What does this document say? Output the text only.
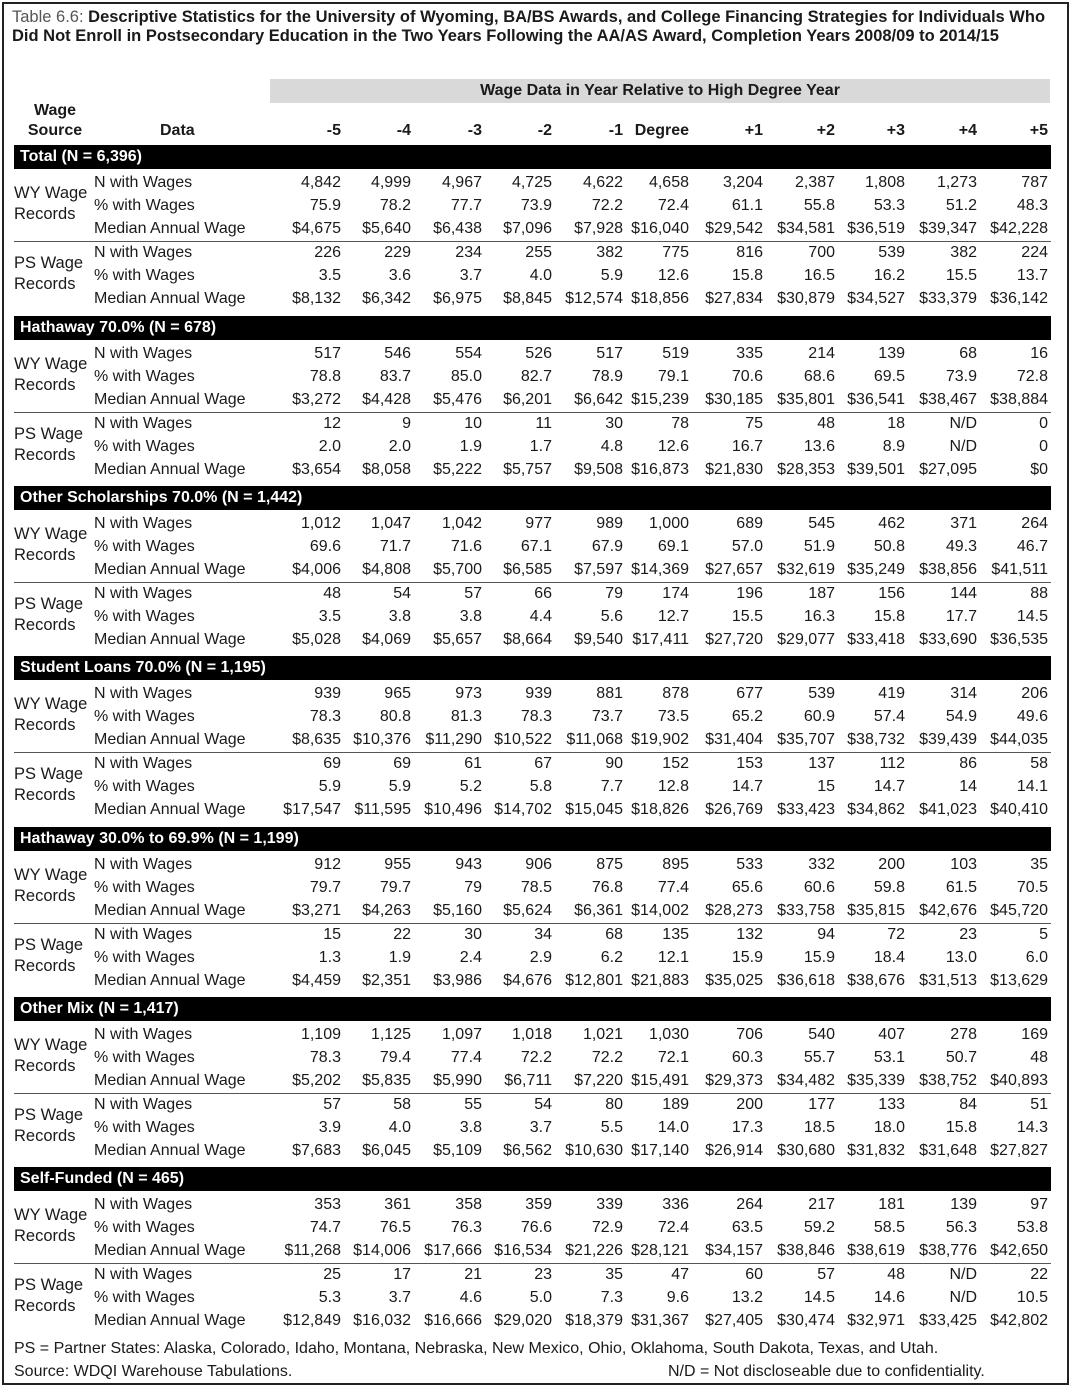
Table 6.6: Descriptive Statistics for the University of Wyoming, BA/BS Awards, and College Financing Strategies for Individuals Who Did Not Enroll in Postsecondary Education in the Two Years Following the AA/AS Award, Completion Years 2008/09 to 2014/15
Wage Data in Year Relative to High Degree Year
Wage Source	Data	-5	-4	-3	-2	-1 Degree	+1	+2	+3	+4	+5
Total (N = 6,396)
WY Wage Records
N with Wages	4,842	4,999	4,967	4,725	4,622	4,658	3,204	2,387	1,808	1,273	787
% with Wages	75.9	78.2	77.7	73.9	72.2	72.4	61.1	55.8	53.3	51.2	48.3
Median Annual Wage	$4,675	$5,640	$6,438	$7,096	$7,928 $16,040	$29,542 $34,581 $36,519 $39,347 $42,228
PS Wage Records
N with Wages	226	229	234	255	382	775	816	700	539	382	224
% with Wages	3.5	3.6	3.7	4.0	5.9	12.6	15.8	16.5	16.2	15.5	13.7
Median Annual Wage	$8,132	$6,342	$6,975	$8,845 $12,574 $18,856	$27,834 $30,879 $34,527 $33,379 $36,142
Hathaway 70.0% (N = 678)
WY Wage Records
N with Wages	517	546	554	526	517	519	335	214	139	68	16
% with Wages	78.8	83.7	85.0	82.7	78.9	79.1	70.6	68.6	69.5	73.9	72.8
Median Annual Wage	$3,272	$4,428	$5,476	$6,201	$6,642 $15,239	$30,185 $35,801 $36,541 $38,467 $38,884
PS Wage Records
N with Wages	12	9	10	11	30	78	75	48	18	N/D	0
% with Wages	2.0	2.0	1.9	1.7	4.8	12.6	16.7	13.6	8.9	N/D	0
Median Annual Wage	$3,654	$8,058	$5,222	$5,757	$9,508 $16,873	$21,830 $28,353 $39,501 $27,095	$0
Other Scholarships 70.0% (N = 1,442)
WY Wage Records
N with Wages	1,012	1,047	1,042	977	989	1,000	689	545	462	371	264
% with Wages	69.6	71.7	71.6	67.1	67.9	69.1	57.0	51.9	50.8	49.3	46.7
Median Annual Wage	$4,006	$4,808	$5,700	$6,585	$7,597 $14,369	$27,657 $32,619 $35,249 $38,856 $41,511
PS Wage Records
N with Wages	48	54	57	66	79	174	196	187	156	144	88
% with Wages	3.5	3.8	3.8	4.4	5.6	12.7	15.5	16.3	15.8	17.7	14.5
Median Annual Wage	$5,028	$4,069	$5,657	$8,664	$9,540 $17,411	$27,720 $29,077 $33,418 $33,690 $36,535
Student Loans 70.0% (N = 1,195)
WY Wage Records
N with Wages	939	965	973	939	881	878	677	539	419	314	206
% with Wages	78.3	80.8	81.3	78.3	73.7	73.5	65.2	60.9	57.4	54.9	49.6
Median Annual Wage	$8,635 $10,376 $11,290 $10,522 $11,068 $19,902	$31,404 $35,707 $38,732 $39,439 $44,035
PS Wage Records
N with Wages	69	69	61	67	90	152	153	137	112	86	58
% with Wages	5.9	5.9	5.2	5.8	7.7	12.8	14.7	15	14.7	14	14.1
Median Annual Wage	$17,547 $11,595 $10,496 $14,702 $15,045 $18,826	$26,769 $33,423 $34,862 $41,023 $40,410
Hathaway 30.0% to 69.9% (N = 1,199)
WY Wage Records
N with Wages	912	955	943	906	875	895	533	332	200	103	35
% with Wages	79.7	79.7	79	78.5	76.8	77.4	65.6	60.6	59.8	61.5	70.5
Median Annual Wage	$3,271	$4,263	$5,160	$5,624	$6,361 $14,002	$28,273 $33,758 $35,815 $42,676 $45,720
PS Wage Records
N with Wages	15	22	30	34	68	135	132	94	72	23	5
% with Wages	1.3	1.9	2.4	2.9	6.2	12.1	15.9	15.9	18.4	13.0	6.0
Median Annual Wage	$4,459	$2,351	$3,986	$4,676 $12,801 $21,883	$35,025 $36,618 $38,676 $31,513 $13,629
Other Mix (N = 1,417)
WY Wage Records
N with Wages	1,109	1,125	1,097	1,018	1,021	1,030	706	540	407	278	169
% with Wages	78.3	79.4	77.4	72.2	72.2	72.1	60.3	55.7	53.1	50.7	48
Median Annual Wage	$5,202	$5,835	$5,990	$6,711	$7,220 $15,491	$29,373 $34,482 $35,339 $38,752 $40,893
PS Wage Records
N with Wages	57	58	55	54	80	189	200	177	133	84	51
% with Wages	3.9	4.0	3.8	3.7	5.5	14.0	17.3	18.5	18.0	15.8	14.3
Median Annual Wage	$7,683	$6,045	$5,109	$6,562 $10,630 $17,140	$26,914 $30,680 $31,832 $31,648 $27,827
Self-Funded (N = 465)
WY Wage Records
N with Wages	353	361	358	359	339	336	264	217	181	139	97
% with Wages	74.7	76.5	76.3	76.6	72.9	72.4	63.5	59.2	58.5	56.3	53.8
Median Annual Wage	$11,268 $14,006 $17,666 $16,534 $21,226 $28,121	$34,157 $38,846 $38,619 $38,776 $42,650
PS Wage Records
N with Wages	25	17	21	23	35	47	60	57	48	N/D	22
% with Wages	5.3	3.7	4.6	5.0	7.3	9.6	13.2	14.5	14.6	N/D	10.5
Median Annual Wage	$12,849 $16,032 $16,666 $29,020 $18,379 $31,367	$27,405 $30,474 $32,971 $33,425 $42,802
PS = Partner States: Alaska, Colorado, Idaho, Montana, Nebraska, New Mexico, Ohio, Oklahoma, South Dakota, Texas, and Utah.
Source: WDQI Warehouse Tabulations.	N/D = Not discloseable due to confidentiality.
